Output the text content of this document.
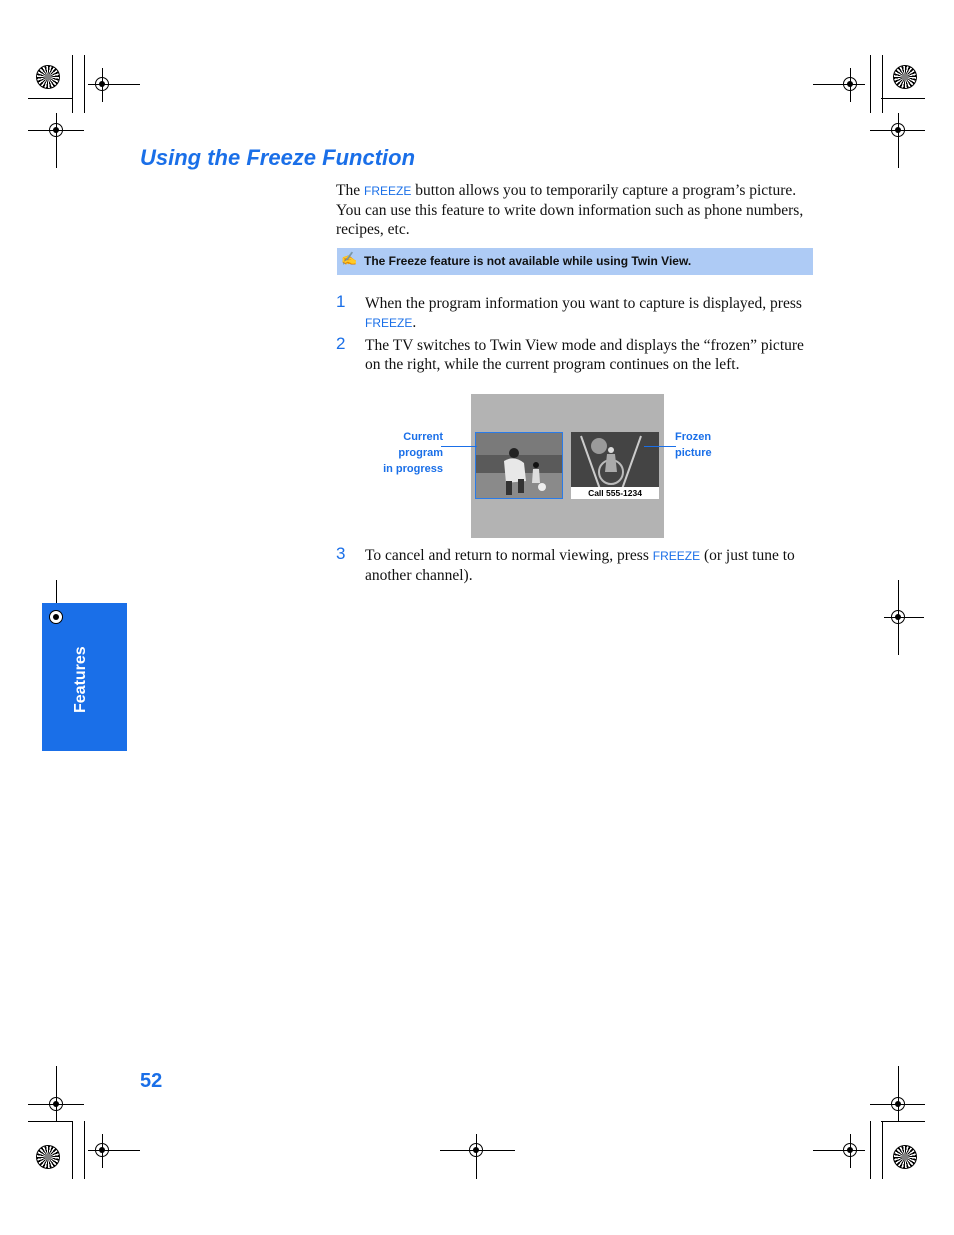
Using the Freeze Function
The FREEZE button allows you to temporarily capture a program’s picture. You can use this feature to write down information such as phone numbers, recipes, etc.
✍ The Freeze feature is not available while using Twin View.
1 When the program information you want to capture is displayed, press FREEZE.
2 The TV switches to Twin View mode and displays the “frozen” picture on the right, while the current program continues on the left.
Call 555-1234
Current
program
in progress
Frozen
picture
3 To cancel and return to normal viewing, press FREEZE (or just tune to another channel).
Features
52
